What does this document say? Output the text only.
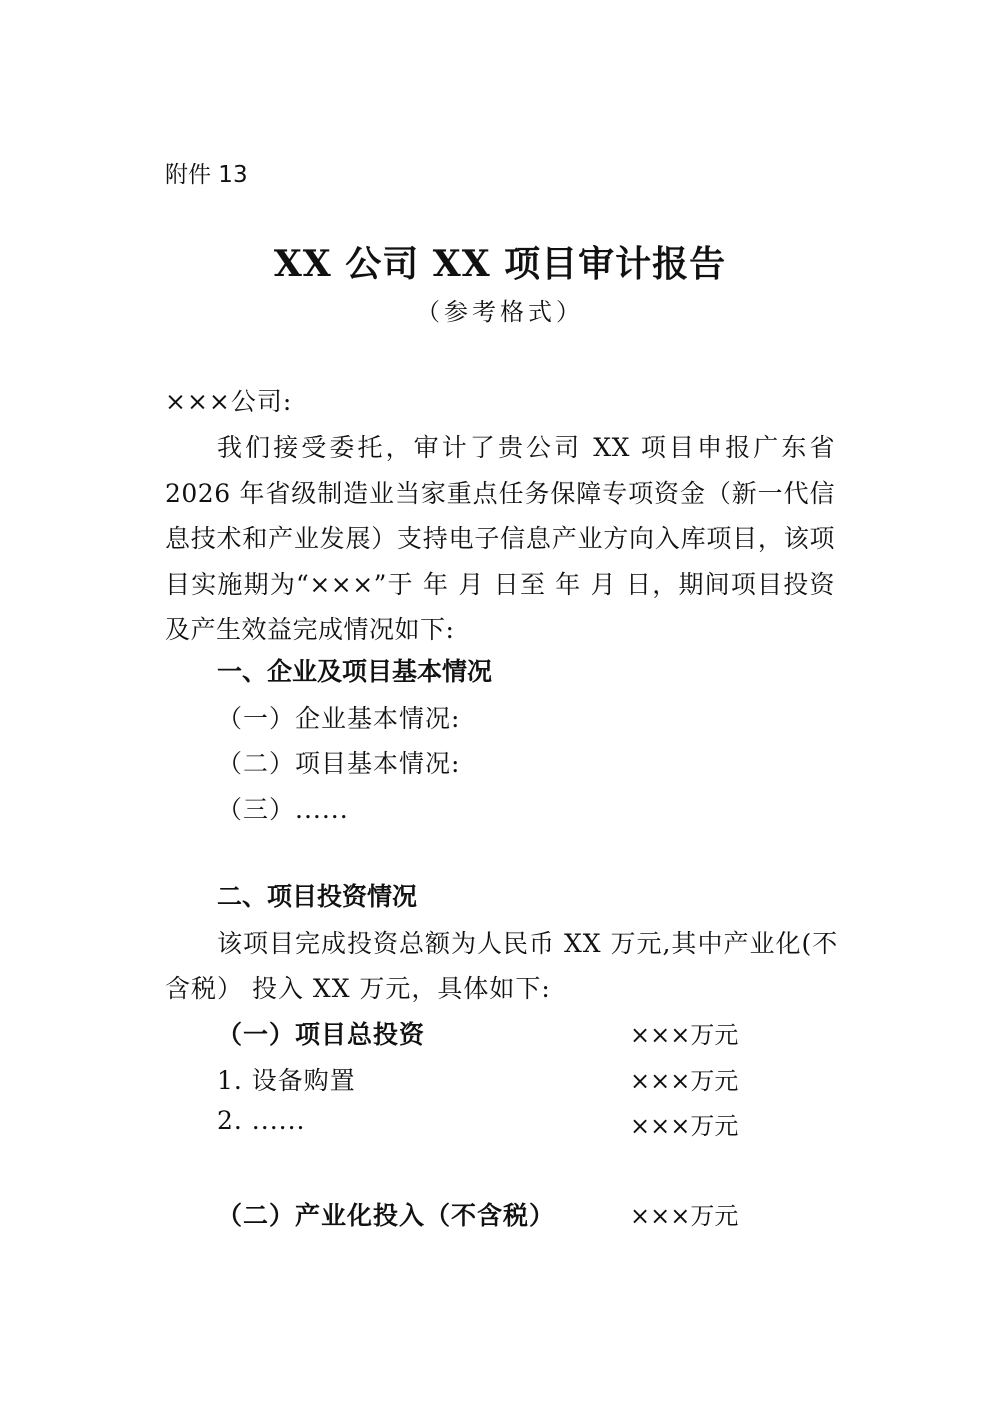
附件 13
XX 公司 XX 项目审计报告
（参考格式）
×××公司:
我们接受委托，审计了贵公司 XX 项目申报广东省 2026 年省级制造业当家重点任务保障专项资金（新一代信息技术和产业发展）支持电子信息产业方向入库项目，该项目实施期为“×××”于 年 月 日至 年 月 日，期间项目投资及产生效益完成情况如下:
一、企业及项目基本情况
（一）企业基本情况:
（二）项目基本情况:
（三）......
二、项目投资情况
该项目完成投资总额为人民币 XX 万元,其中产业化(不
含税） 投入 XX 万元，具体如下:
（一）项目总投资	×××万元
1. 设备购置	×××万元
2. ......	×××万元
（二）产业化投入（不含税）	×××万元
